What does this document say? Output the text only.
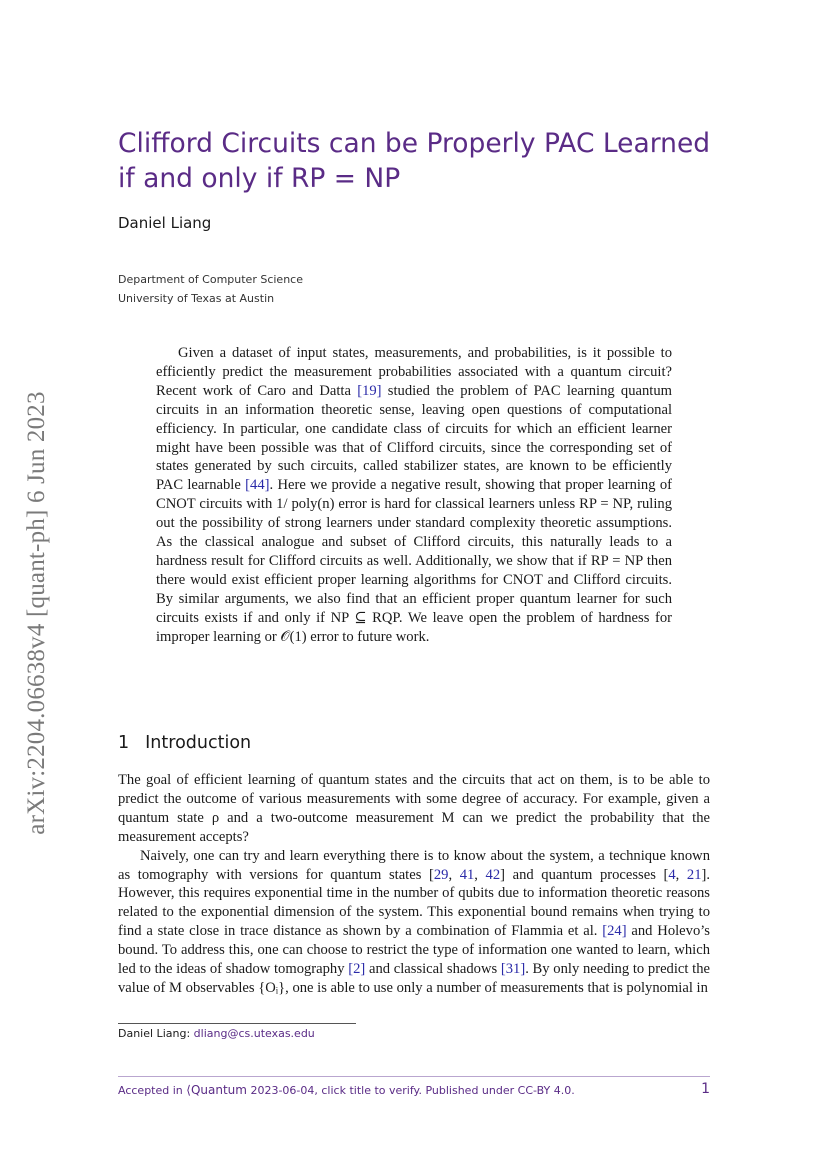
arXiv:2204.06638v4 [quant-ph] 6 Jun 2023
Clifford Circuits can be Properly PAC Learned if and only if RP = NP
Daniel Liang
Department of Computer Science
University of Texas at Austin

Given a dataset of input states, measurements, and probabilities, is it possible to efficiently predict the measurement probabilities associated with a quantum circuit? Recent work of Caro and Datta [19] studied the problem of PAC learning quantum circuits in an information theoretic sense, leaving open questions of computational efficiency. In particular, one candidate class of circuits for which an efficient learner might have been possible was that of Clifford circuits, since the corresponding set of states generated by such circuits, called stabilizer states, are known to be efficiently PAC learnable [44]. Here we provide a negative result, showing that proper learning of CNOT circuits with 1/ poly(n) error is hard for classical learners unless RP = NP, ruling out the possibility of strong learners under standard complexity theoretic assumptions. As the classical analogue and subset of Clifford circuits, this naturally leads to a hardness result for Clifford circuits as well. Additionally, we show that if RP = NP then there would exist efficient proper learning algorithms for CNOT and Clifford circuits. By similar arguments, we also find that an efficient proper quantum learner for such circuits exists if and only if NP ⊆ RQP. We leave open the problem of hardness for improper learning or 𝒪(1) error to future work.

1 Introduction

The goal of efficient learning of quantum states and the circuits that act on them, is to be able to predict the outcome of various measurements with some degree of accuracy. For example, given a quantum state ρ and a two-outcome measurement M can we predict the probability that the measurement accepts?

Naively, one can try and learn everything there is to know about the system, a technique known as tomography with versions for quantum states [29, 41, 42] and quantum processes [4, 21]. However, this requires exponential time in the number of qubits due to information theoretic reasons related to the exponential dimension of the system. This exponential bound remains when trying to find a state close in trace distance as shown by a combination of Flammia et al. [24] and Holevo’s bound. To address this, one can choose to restrict the type of information one wanted to learn, which led to the ideas of shadow tomography [2] and classical shadows [31]. By only needing to predict the value of M observables {Oᵢ}, one is able to use only a number of measurements that is polynomial in

Daniel Liang: dliang@cs.utexas.edu
Accepted in ⟨Quantum 2023-06-04, click title to verify. Published under CC-BY 4.0.	1
